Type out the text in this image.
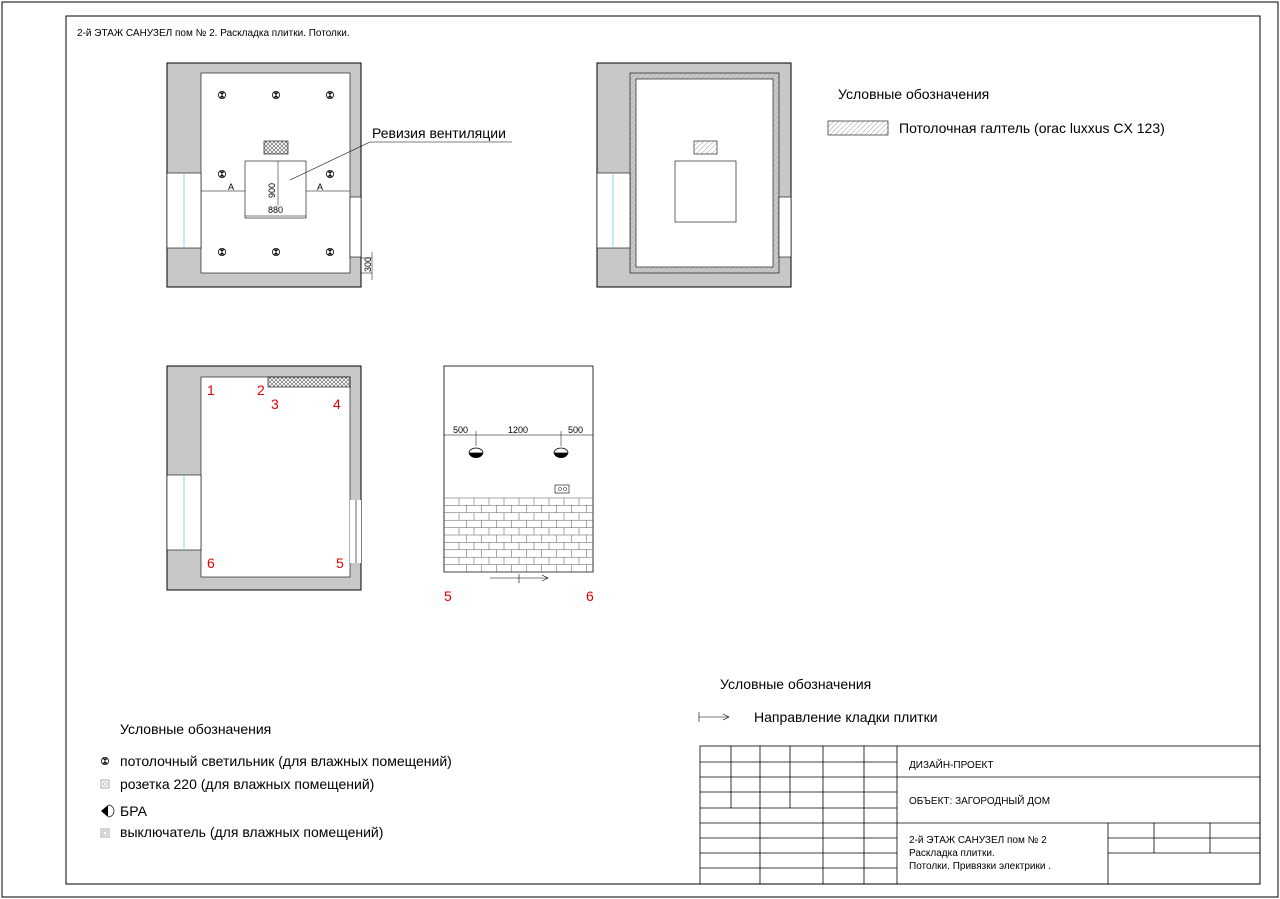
2-й ЭТАЖ САНУЗЕЛ пом № 2. Раскладка плитки. Потолки.
A	A
900
880
300
Ревизия вентиляции
Условные обозначения
Потолочная галтель (orac luxxus CX 123)
1	2
3	4
5
6
500	1200	500
5	6
Условные обозначения
Направление кладки плитки
Условные обозначения
потолочный светильник (для влажных помещений)
розетка 220 (для влажных помещений)
БРА
выключатель (для влажных помещений)
ДИЗАЙН-ПРОЕКТ
ОБЪЕКТ: ЗАГОРОДНЫЙ ДОМ
2-й ЭТАЖ САНУЗЕЛ пом № 2
Раскладка плитки.
Потолки. Привязки электрики .
